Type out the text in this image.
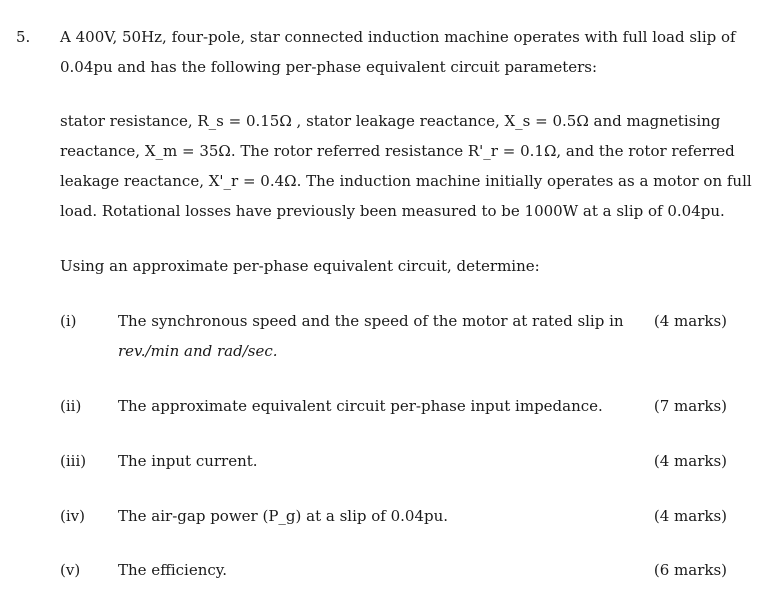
5. A 400V, 50Hz, four-pole, star connected induction machine operates with full load slip of
0.04pu and has the following per-phase equivalent circuit parameters:
stator resistance, R_s = 0.15Ω , stator leakage reactance, X_s = 0.5Ω and magnetising
reactance, X_m = 35Ω. The rotor referred resistance R'_r = 0.1Ω, and the rotor referred
leakage reactance, X'_r = 0.4Ω. The induction machine initially operates as a motor on full
load. Rotational losses have previously been measured to be 1000W at a slip of 0.04pu.
Using an approximate per-phase equivalent circuit, determine:
(i)	The synchronous speed and the speed of the motor at rated slip in
rev./min and rad/sec.
(4 marks)
(ii) The approximate equivalent circuit per-phase input impedance.	(7 marks)
(iii) The input current.	(4 marks)
(iv) The air-gap power (P_g) at a slip of 0.04pu.	(4 marks)
(v)	The efficiency.	(6 marks)
